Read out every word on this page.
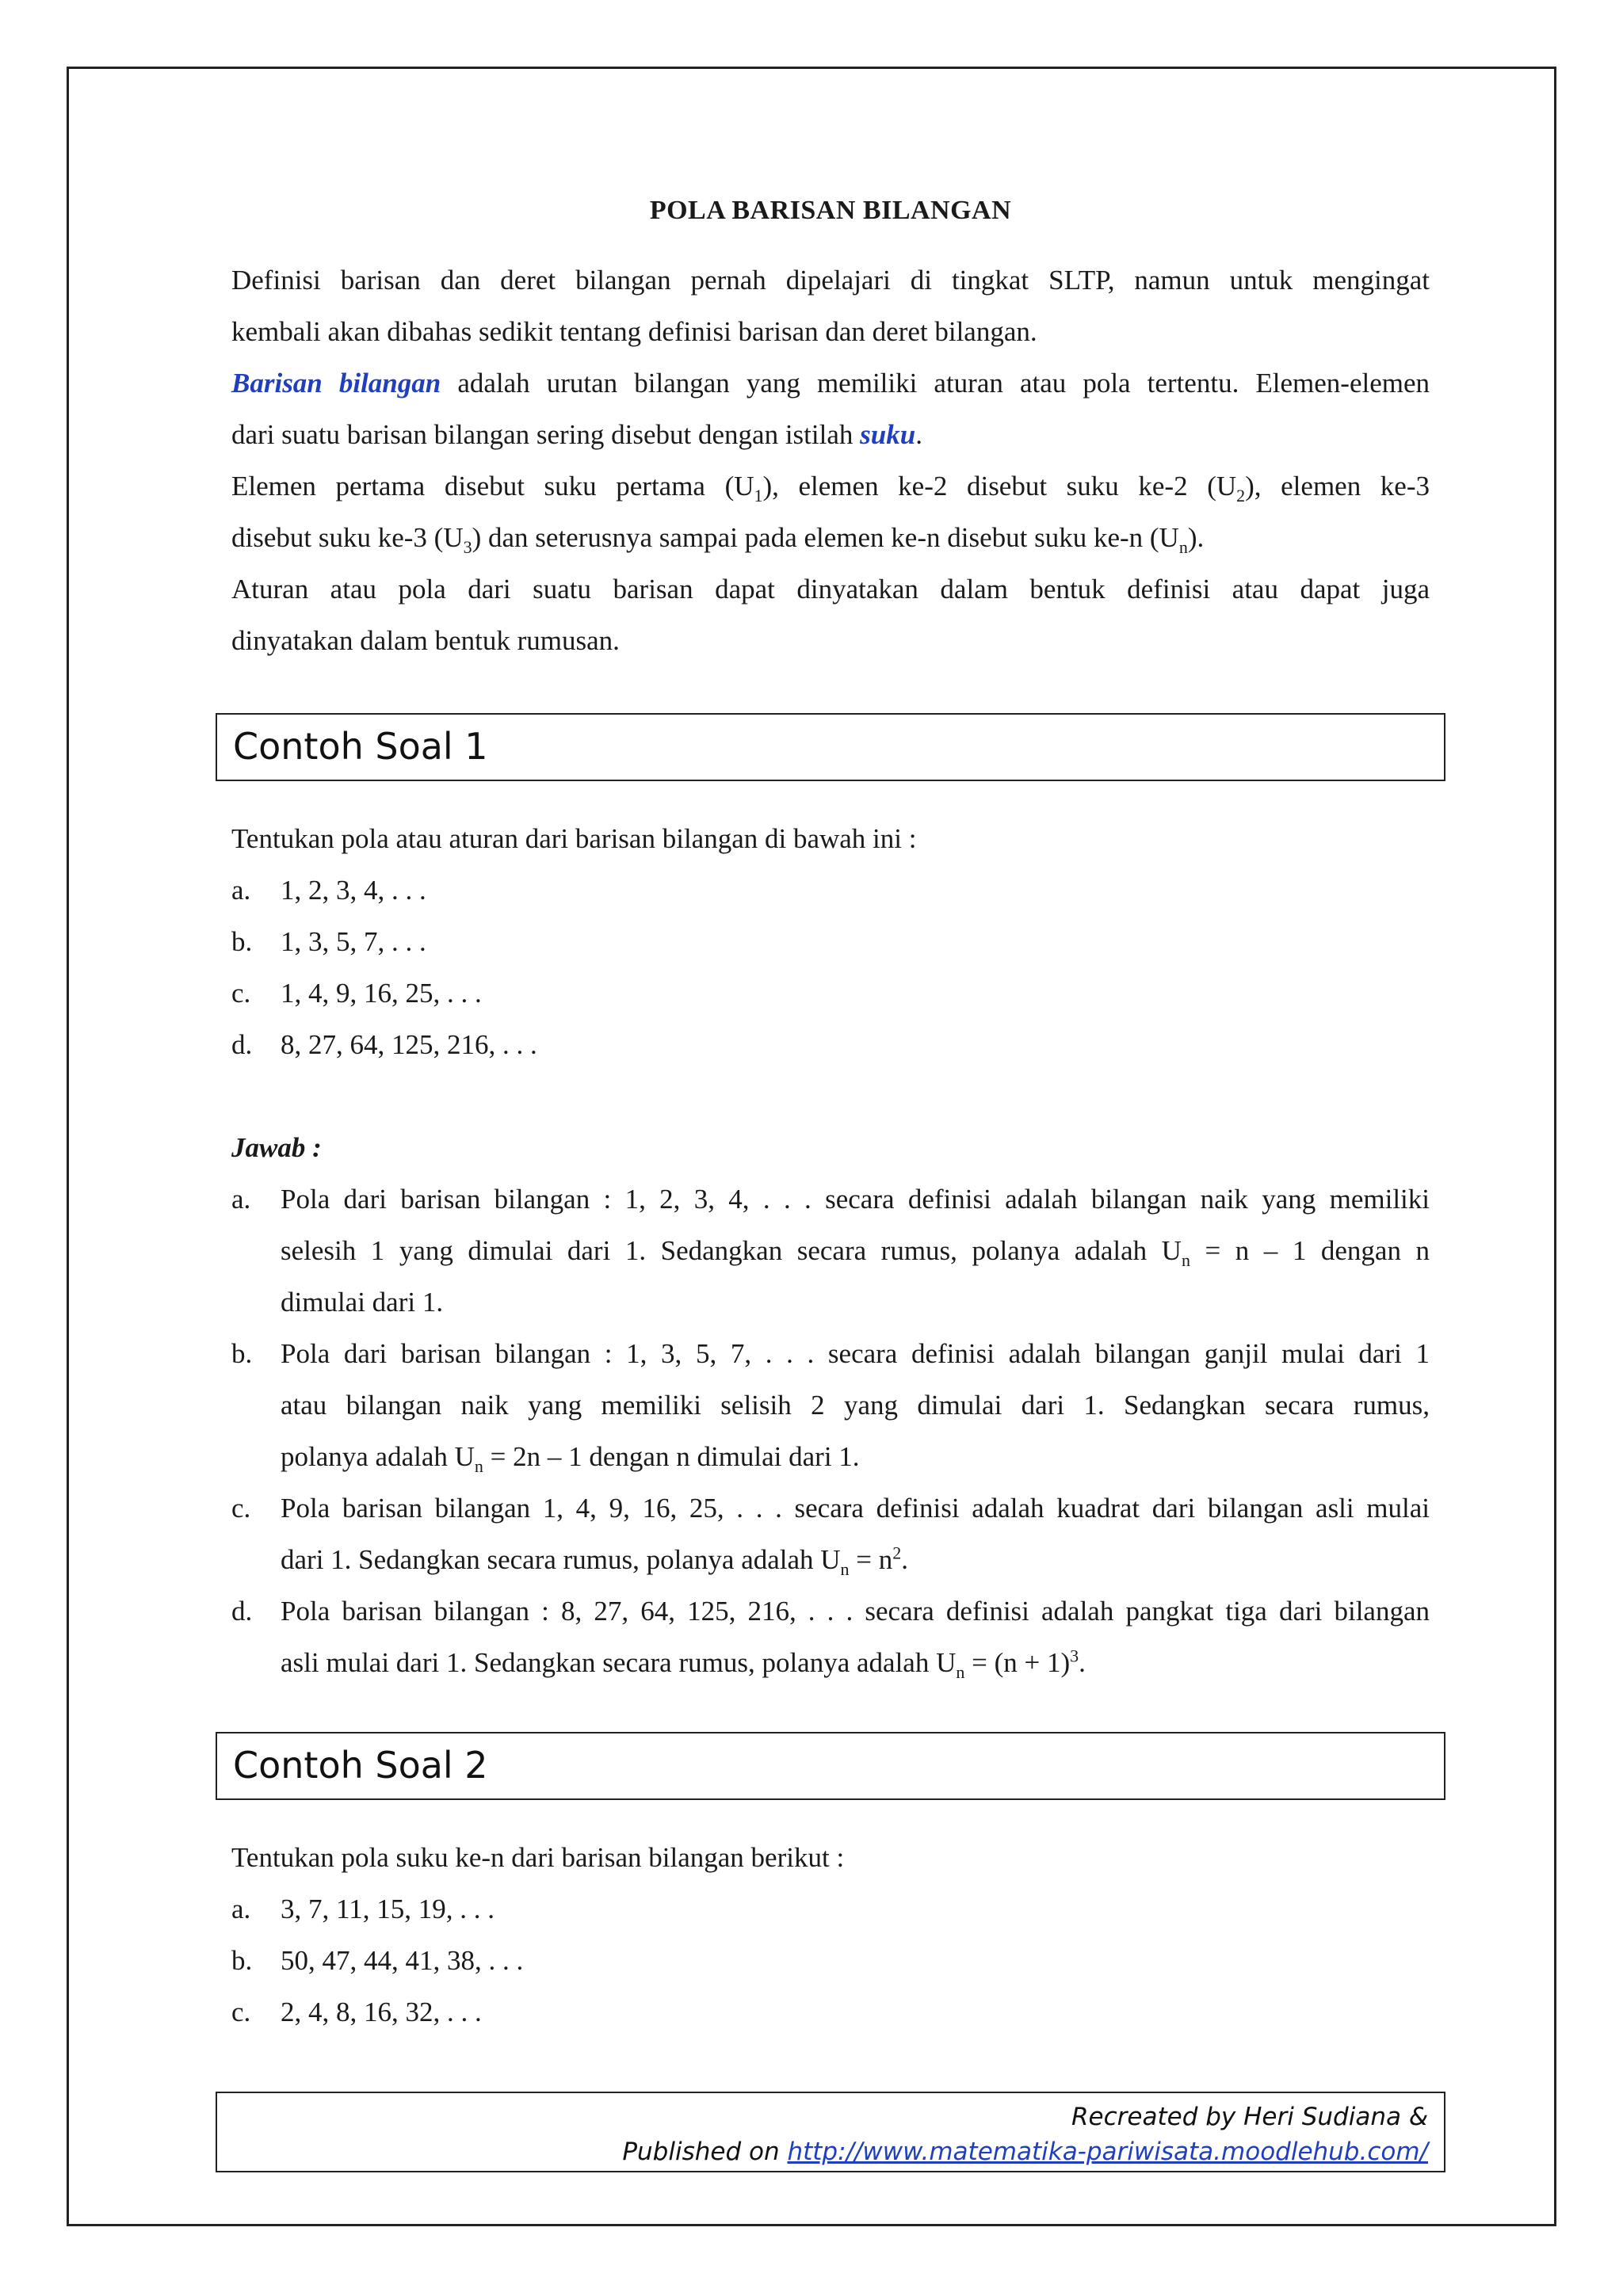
POLA BARISAN BILANGAN
Definisi barisan dan deret bilangan pernah dipelajari di tingkat SLTP, namun untuk mengingat
kembali akan dibahas sedikit tentang definisi barisan dan deret bilangan.
Barisan bilangan adalah urutan bilangan yang memiliki aturan atau pola tertentu. Elemen-elemen
dari suatu barisan bilangan sering disebut dengan istilah suku.
Elemen pertama disebut suku pertama $(U_1)$, elemen ke-2 disebut suku ke-2 $(U_2)$, elemen ke-3
disebut suku ke-3 $(U_3)$ dan seterusnya sampai pada elemen ke-n disebut suku ke-n $(U_n)$.
Aturan atau pola dari suatu barisan dapat dinyatakan dalam bentuk definisi atau dapat juga
dinyatakan dalam bentuk rumusan.
Contoh Soal 1
Tentukan pola atau aturan dari barisan bilangan di bawah ini :
a.	1, 2, 3, 4, . . .
b.	1, 3, 5, 7, . . .
c.	1, 4, 9, 16, 25, . . .
d.	8, 27, 64, 125, 216, . . .
Jawab :
a.	Pola dari barisan bilangan : 1, 2, 3, 4, . . . secara definisi adalah bilangan naik yang memiliki
selesih 1 yang dimulai dari 1. Sedangkan secara rumus, polanya adalah $U_n = n - 1$ dengan n
dimulai dari 1.
b.	Pola dari barisan bilangan : 1, 3, 5, 7, . . . secara definisi adalah bilangan ganjil mulai dari 1
atau bilangan naik yang memiliki selisih 2 yang dimulai dari 1. Sedangkan secara rumus,
polanya adalah $U_n = 2n - 1$ dengan n dimulai dari 1.
c.	Pola barisan bilangan 1, 4, 9, 16, 25, . . . secara definisi adalah kuadrat dari bilangan asli mulai
dari 1. Sedangkan secara rumus, polanya adalah $U_n = n^2$.
d.	Pola barisan bilangan : 8, 27, 64, 125, 216, . . . secara definisi adalah pangkat tiga dari bilangan
asli mulai dari 1. Sedangkan secara rumus, polanya adalah $U_n = (n + 1)^3$.
Contoh Soal 2
Tentukan pola suku ke-n dari barisan bilangan berikut :
a.	3, 7, 11, 15, 19, . . .
b.	50, 47, 44, 41, 38, . . .
c.	2, 4, 8, 16, 32, . . .
Recreated by Heri Sudiana &
Published on http://www.matematika-pariwisata.moodlehub.com/
